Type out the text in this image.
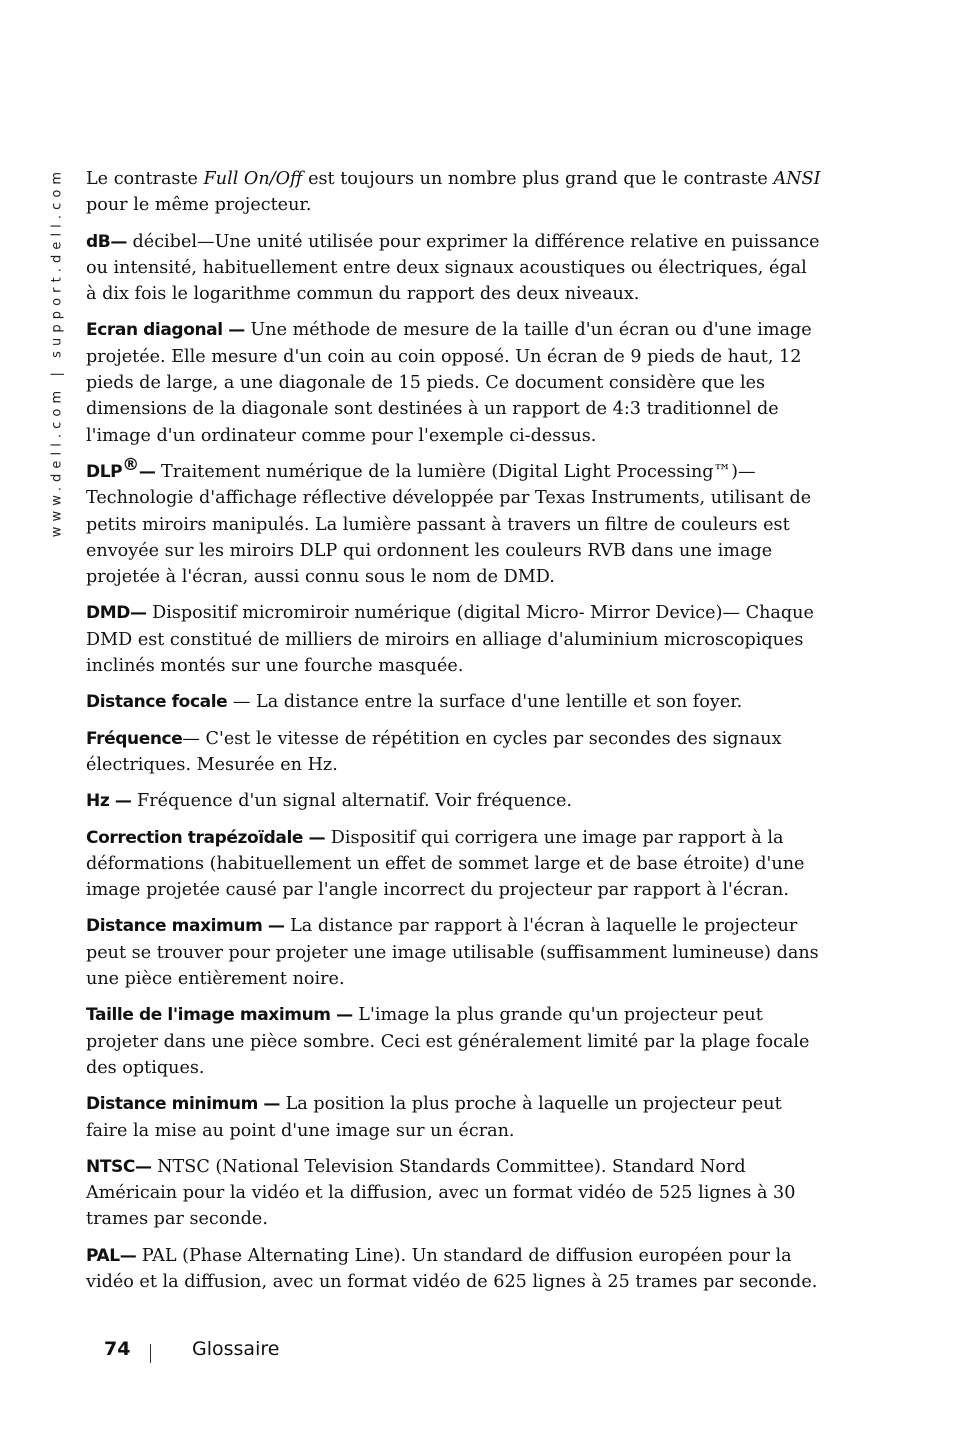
www.dell.com | support.dell.com Le contraste Full On/Off est toujours un nombre plus grand que le contraste ANSI pour le même projecteur.

dB— décibel—Une unité utilisée pour exprimer la différence relative en puissance ou intensité, habituellement entre deux signaux acoustiques ou électriques, égal à dix fois le logarithme commun du rapport des deux niveaux.

Ecran diagonal — Une méthode de mesure de la taille d'un écran ou d'une image projetée. Elle mesure d'un coin au coin opposé. Un écran de 9 pieds de haut, 12 pieds de large, a une diagonale de 15 pieds. Ce document considère que les dimensions de la diagonale sont destinées à un rapport de 4:3 traditionnel de l'image d'un ordinateur comme pour l'exemple ci-dessus.

DLP®— Traitement numérique de la lumière (Digital Light Processing™)— Technologie d'affichage réflective développée par Texas Instruments, utilisant de petits miroirs manipulés. La lumière passant à travers un filtre de couleurs est envoyée sur les miroirs DLP qui ordonnent les couleurs RVB dans une image projetée à l'écran, aussi connu sous le nom de DMD.

DMD— Dispositif micromiroir numérique (digital Micro- Mirror Device)— Chaque DMD est constitué de milliers de miroirs en alliage d'aluminium microscopiques inclinés montés sur une fourche masquée.

Distance focale — La distance entre la surface d'une lentille et son foyer.

Fréquence— C'est le vitesse de répétition en cycles par secondes des signaux électriques. Mesurée en Hz.

Hz — Fréquence d'un signal alternatif. Voir fréquence.

Correction trapézoïdale — Dispositif qui corrigera une image par rapport à la déformations (habituellement un effet de sommet large et de base étroite) d'une image projetée causé par l'angle incorrect du projecteur par rapport à l'écran.

Distance maximum — La distance par rapport à l'écran à laquelle le projecteur peut se trouver pour projeter une image utilisable (suffisamment lumineuse) dans une pièce entièrement noire.

Taille de l'image maximum — L'image la plus grande qu'un projecteur peut projeter dans une pièce sombre. Ceci est généralement limité par la plage focale des optiques.

Distance minimum — La position la plus proche à laquelle un projecteur peut faire la mise au point d'une image sur un écran.

NTSC— NTSC (National Television Standards Committee). Standard Nord Américain pour la vidéo et la diffusion, avec un format vidéo de 525 lignes à 30 trames par seconde.

PAL— PAL (Phase Alternating Line). Un standard de diffusion européen pour la vidéo et la diffusion, avec un format vidéo de 625 lignes à 25 trames par seconde.

74	Glossaire
